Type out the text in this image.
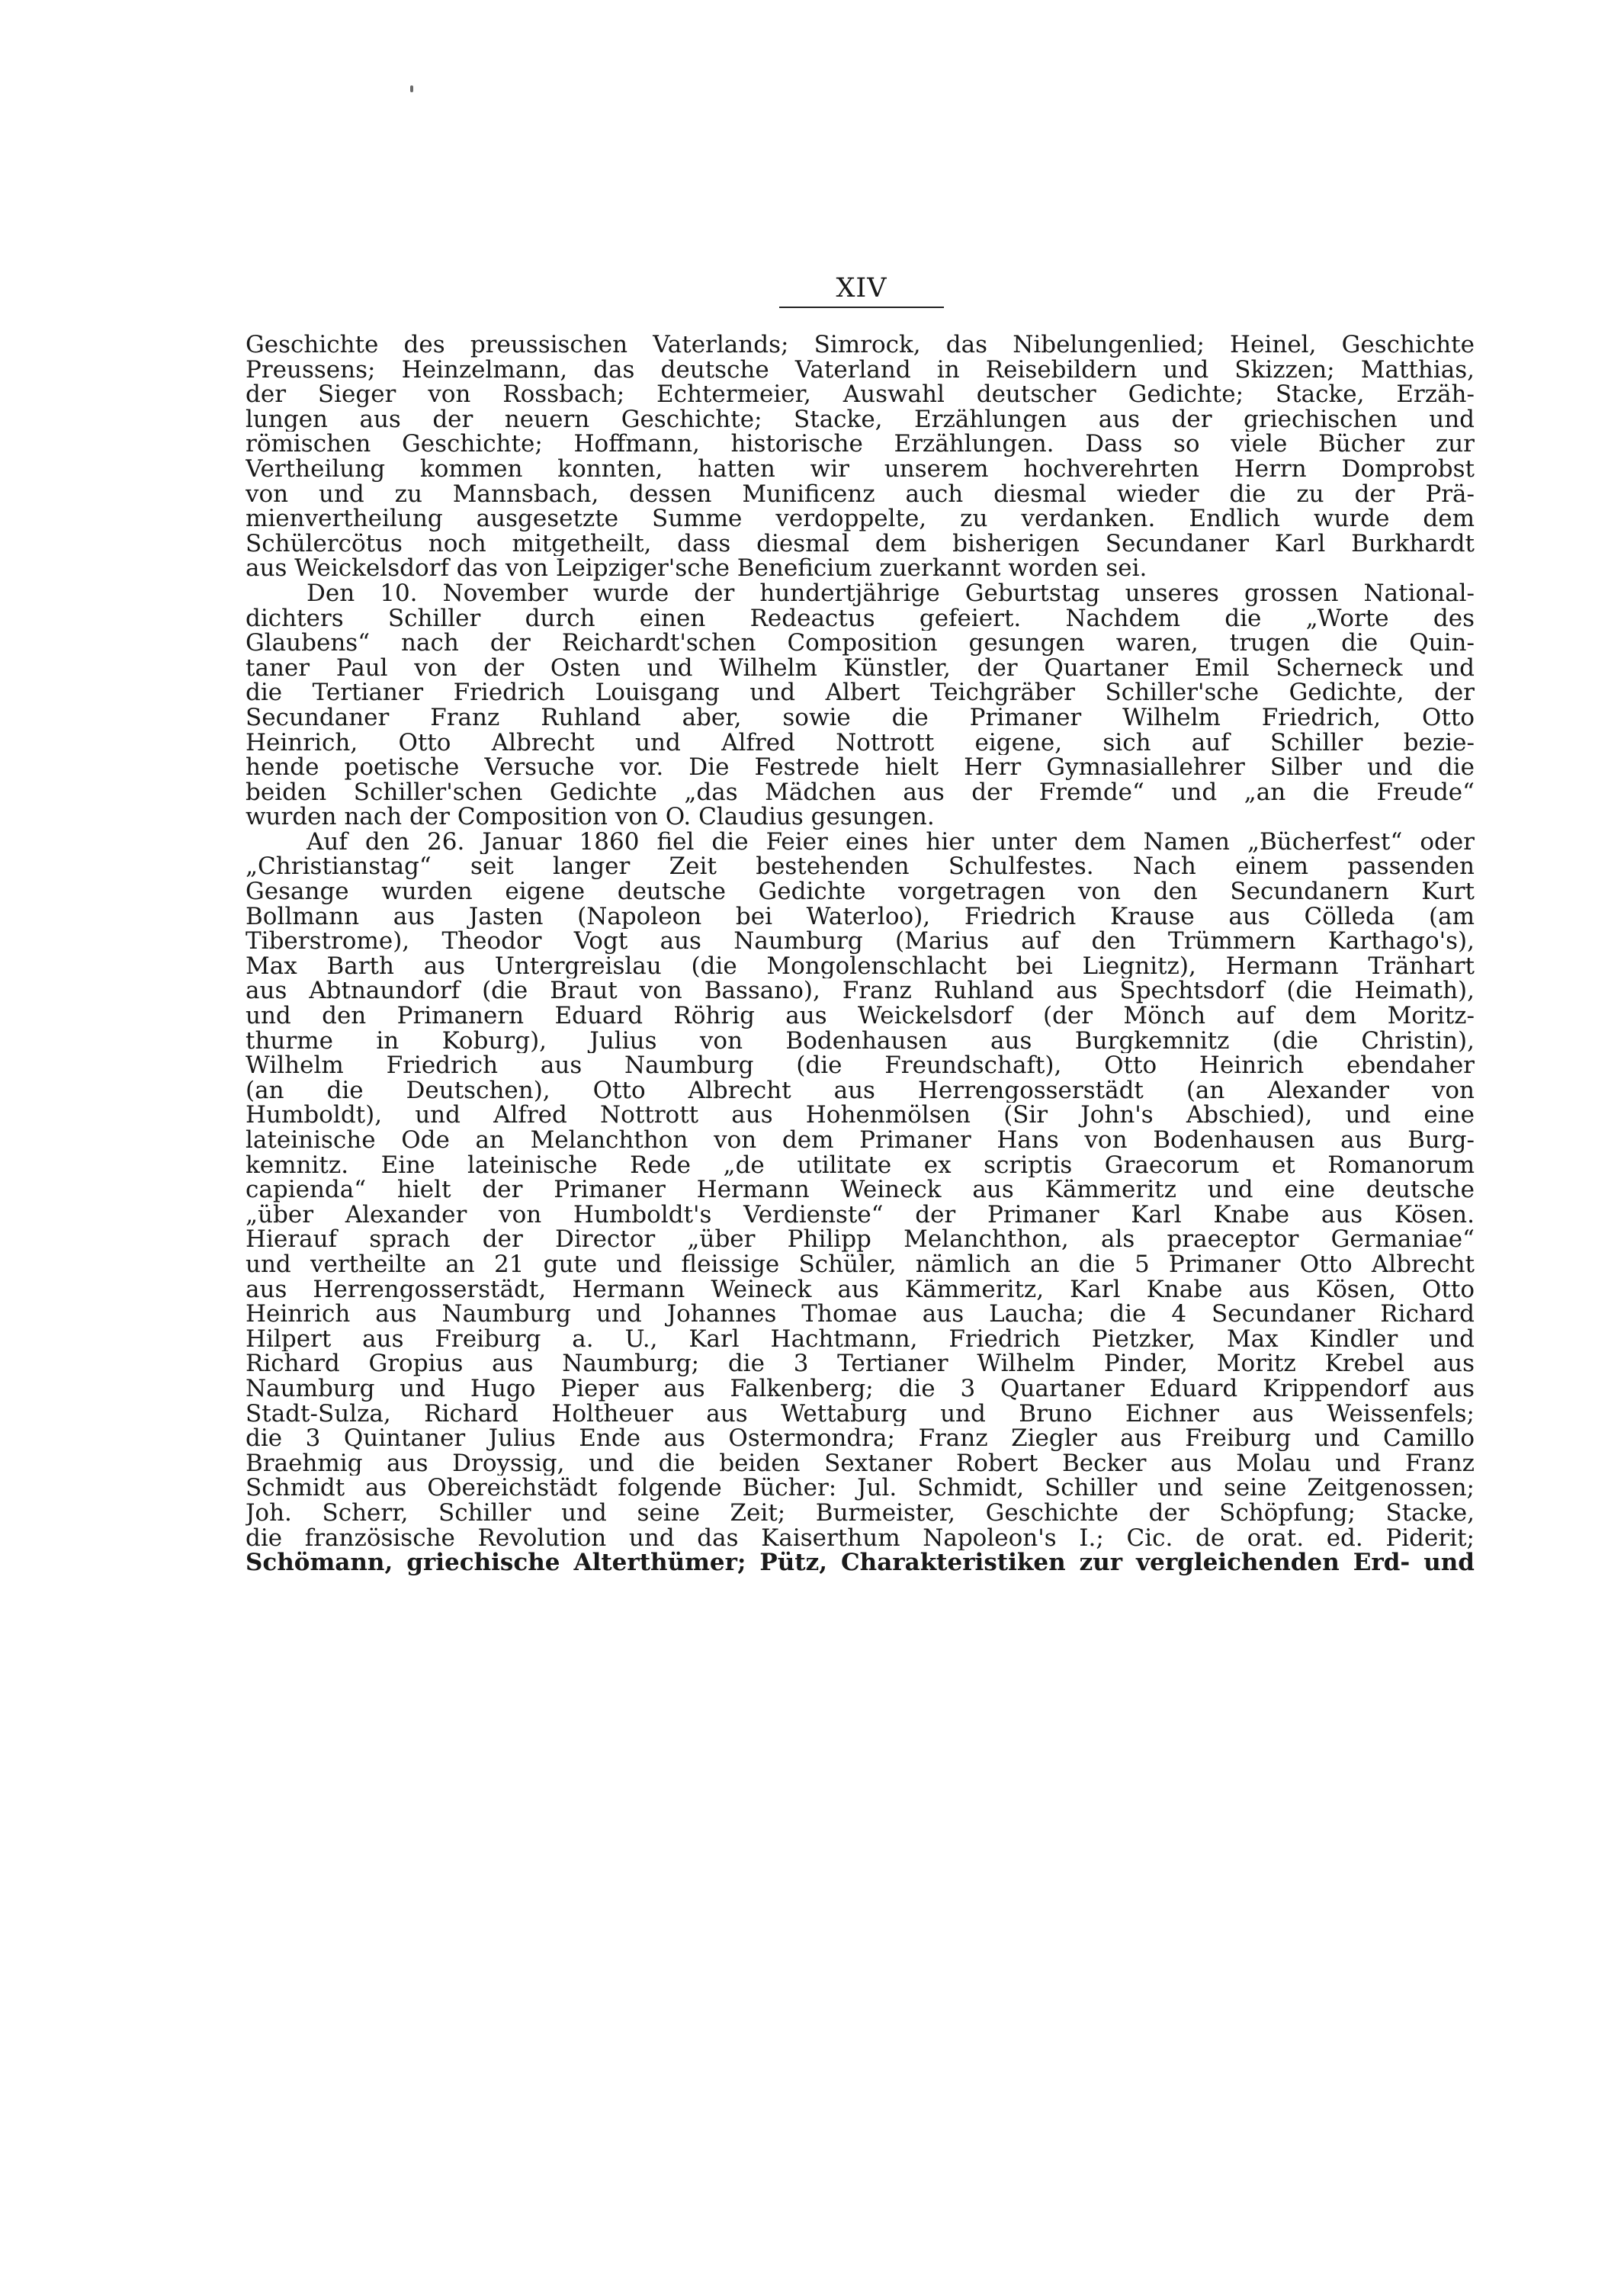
XIV
Geschichte des preussischen Vaterlands; Simrock, das Nibelungenlied; Heinel, Geschichte
Preussens; Heinzelmann, das deutsche Vaterland in Reisebildern und Skizzen; Matthias,
der Sieger von Rossbach; Echtermeier, Auswahl deutscher Gedichte; Stacke, Erzäh-
lungen aus der neuern Geschichte; Stacke, Erzählungen aus der griechischen und
römischen Geschichte; Hoffmann, historische Erzählungen. Dass so viele Bücher zur
Vertheilung kommen konnten, hatten wir unserem hochverehrten Herrn Domprobst
von und zu Mannsbach, dessen Munificenz auch diesmal wieder die zu der Prä-
mienvertheilung ausgesetzte Summe verdoppelte, zu verdanken. Endlich wurde dem
Schülercötus noch mitgetheilt, dass diesmal dem bisherigen Secundaner Karl Burkhardt
aus Weickelsdorf das von Leipziger'sche Beneficium zuerkannt worden sei.
Den 10. November wurde der hundertjährige Geburtstag unseres grossen National-
dichters Schiller durch einen Redeactus gefeiert. Nachdem die „Worte des
Glaubens“ nach der Reichardt'schen Composition gesungen waren, trugen die Quin-
taner Paul von der Osten und Wilhelm Künstler, der Quartaner Emil Scherneck und
die Tertianer Friedrich Louisgang und Albert Teichgräber Schiller'sche Gedichte, der
Secundaner Franz Ruhland aber, sowie die Primaner Wilhelm Friedrich, Otto
Heinrich, Otto Albrecht und Alfred Nottrott eigene, sich auf Schiller bezie-
hende poetische Versuche vor. Die Festrede hielt Herr Gymnasiallehrer Silber und die
beiden Schiller'schen Gedichte „das Mädchen aus der Fremde“ und „an die Freude“
wurden nach der Composition von O. Claudius gesungen.
Auf den 26. Januar 1860 fiel die Feier eines hier unter dem Namen „Bücherfest“ oder
„Christianstag“ seit langer Zeit bestehenden Schulfestes. Nach einem passenden
Gesange wurden eigene deutsche Gedichte vorgetragen von den Secundanern Kurt
Bollmann aus Jasten (Napoleon bei Waterloo), Friedrich Krause aus Cölleda (am
Tiberstrome), Theodor Vogt aus Naumburg (Marius auf den Trümmern Karthago's),
Max Barth aus Untergreislau (die Mongolenschlacht bei Liegnitz), Hermann Tränhart
aus Abtnaundorf (die Braut von Bassano), Franz Ruhland aus Spechtsdorf (die Heimath),
und den Primanern Eduard Röhrig aus Weickelsdorf (der Mönch auf dem Moritz-
thurme in Koburg), Julius von Bodenhausen aus Burgkemnitz (die Christin),
Wilhelm Friedrich aus Naumburg (die Freundschaft), Otto Heinrich ebendaher
(an die Deutschen), Otto Albrecht aus Herrengosserstädt (an Alexander von
Humboldt), und Alfred Nottrott aus Hohenmölsen (Sir John's Abschied), und eine
lateinische Ode an Melanchthon von dem Primaner Hans von Bodenhausen aus Burg-
kemnitz. Eine lateinische Rede „de utilitate ex scriptis Graecorum et Romanorum
capienda“ hielt der Primaner Hermann Weineck aus Kämmeritz und eine deutsche
„über Alexander von Humboldt's Verdienste“ der Primaner Karl Knabe aus Kösen.
Hierauf sprach der Director „über Philipp Melanchthon, als praeceptor Germaniae“
und vertheilte an 21 gute und fleissige Schüler, nämlich an die 5 Primaner Otto Albrecht
aus Herrengosserstädt, Hermann Weineck aus Kämmeritz, Karl Knabe aus Kösen, Otto
Heinrich aus Naumburg und Johannes Thomae aus Laucha; die 4 Secundaner Richard
Hilpert aus Freiburg a. U., Karl Hachtmann, Friedrich Pietzker, Max Kindler und
Richard Gropius aus Naumburg; die 3 Tertianer Wilhelm Pinder, Moritz Krebel aus
Naumburg und Hugo Pieper aus Falkenberg; die 3 Quartaner Eduard Krippendorf aus
Stadt-Sulza, Richard Holtheuer aus Wettaburg und Bruno Eichner aus Weissenfels;
die 3 Quintaner Julius Ende aus Ostermondra; Franz Ziegler aus Freiburg und Camillo
Braehmig aus Droyssig, und die beiden Sextaner Robert Becker aus Molau und Franz
Schmidt aus Obereichstädt folgende Bücher: Jul. Schmidt, Schiller und seine Zeitgenossen;
Joh. Scherr, Schiller und seine Zeit; Burmeister, Geschichte der Schöpfung; Stacke,
die französische Revolution und das Kaiserthum Napoleon's I.; Cic. de orat. ed. Piderit;
Schömann, griechische Alterthümer; Pütz, Charakteristiken zur vergleichenden Erd- und
